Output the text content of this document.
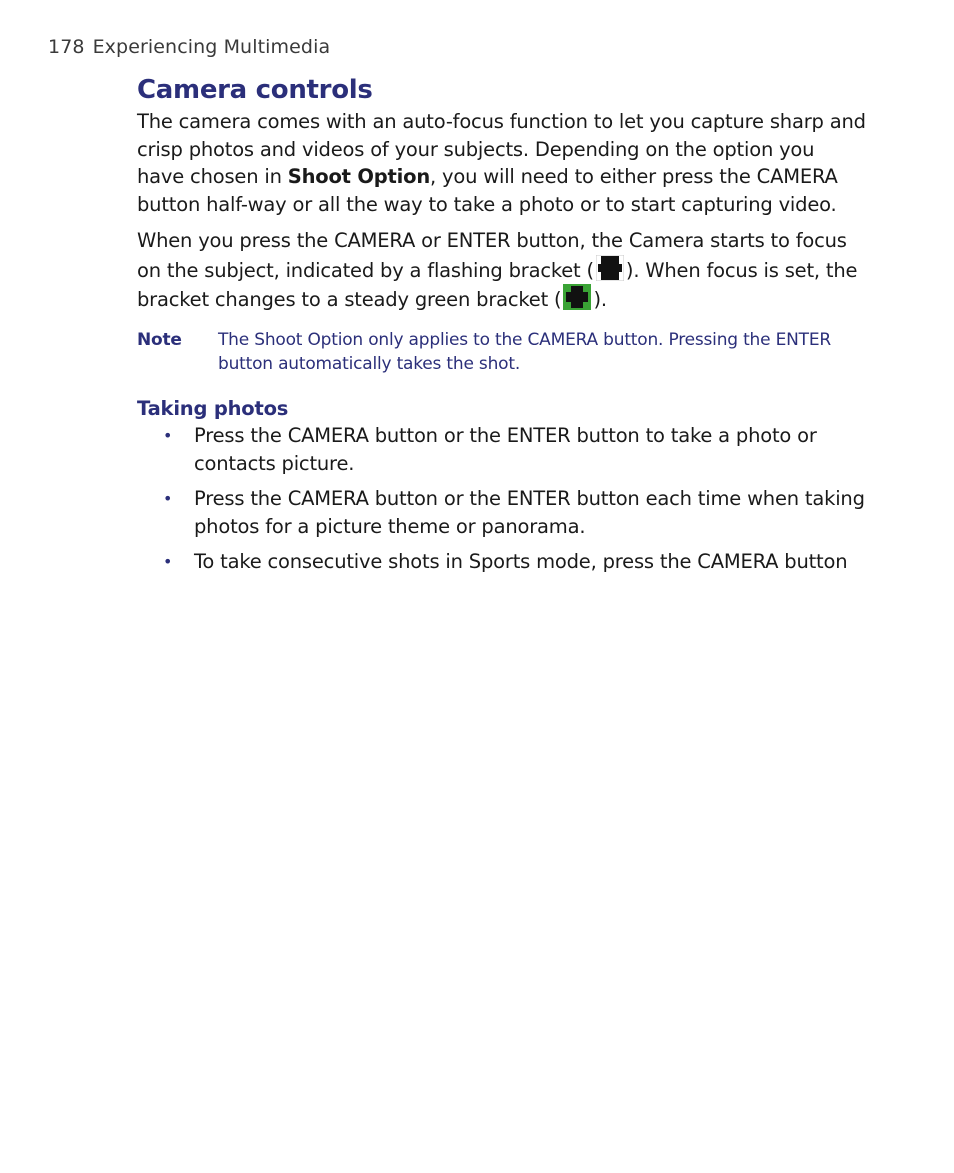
178 Experiencing Multimedia
Camera controls

The camera comes with an auto-focus function to let you capture sharp and crisp photos and videos of your subjects. Depending on the option you have chosen in Shoot Option, you will need to either press the CAMERA button half-way or all the way to take a photo or to start capturing video.

When you press the CAMERA or ENTER button, the Camera starts to focus on the subject, indicated by a flashing bracket ( ). When focus is set, the bracket changes to a steady green bracket ( ).

Note	The Shoot Option only applies to the CAMERA button. Pressing the ENTER button automatically takes the shot.
Taking photos
• Press the CAMERA button or the ENTER button to take a photo or contacts picture.
• Press the CAMERA button or the ENTER button each time when taking photos for a picture theme or panorama.
• To take consecutive shots in Sports mode, press the CAMERA button
